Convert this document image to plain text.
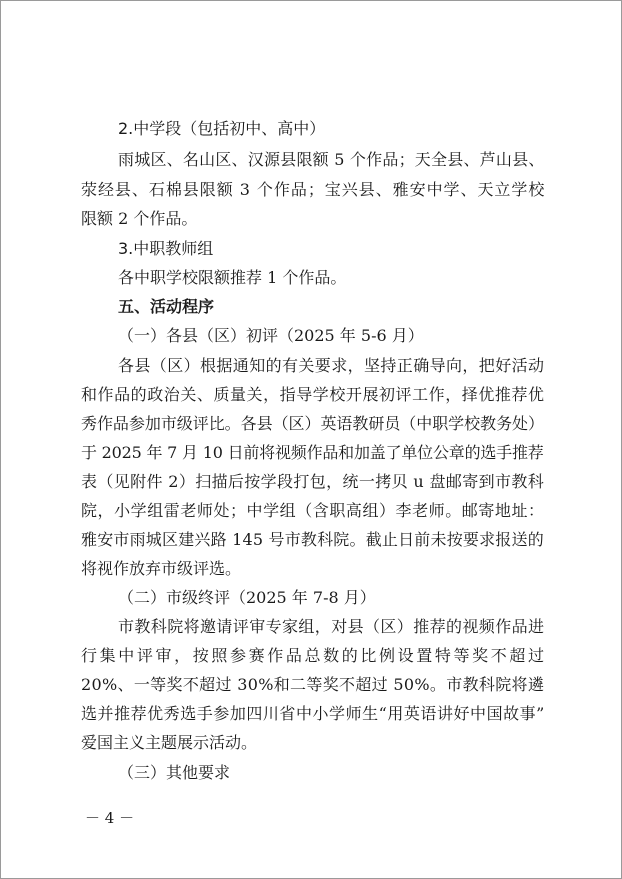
2.中学段（包括初中、高中）
雨城区、名山区、汉源县限额 5 个作品；天全县、芦山县、
荥经县、石棉县限额 3 个作品；宝兴县、雅安中学、天立学校
限额 2 个作品。
3.中职教师组
各中职学校限额推荐 1 个作品。
五、活动程序
（一）各县（区）初评（2025 年 5-6 月）
各县（区）根据通知的有关要求，坚持正确导向，把好活动
和作品的政治关、质量关，指导学校开展初评工作，择优推荐优
秀作品参加市级评比。各县（区）英语教研员（中职学校教务处）
于 2025 年 7 月 10 日前将视频作品和加盖了单位公章的选手推荐
表（见附件 2）扫描后按学段打包，统一拷贝 u 盘邮寄到市教科
院，小学组雷老师处；中学组（含职高组）李老师。邮寄地址：
雅安市雨城区建兴路 145 号市教科院。截止日前未按要求报送的
将视作放弃市级评选。
（二）市级终评（2025 年 7-8 月）
市教科院将邀请评审专家组，对县（区）推荐的视频作品进
行集中评审，按照参赛作品总数的比例设置特等奖不超过
20%、一等奖不超过 30%和二等奖不超过 50%。市教科院将遴
选并推荐优秀选手参加四川省中小学师生“用英语讲好中国故事”
爱国主义主题展示活动。
（三）其他要求
－ 4 －
